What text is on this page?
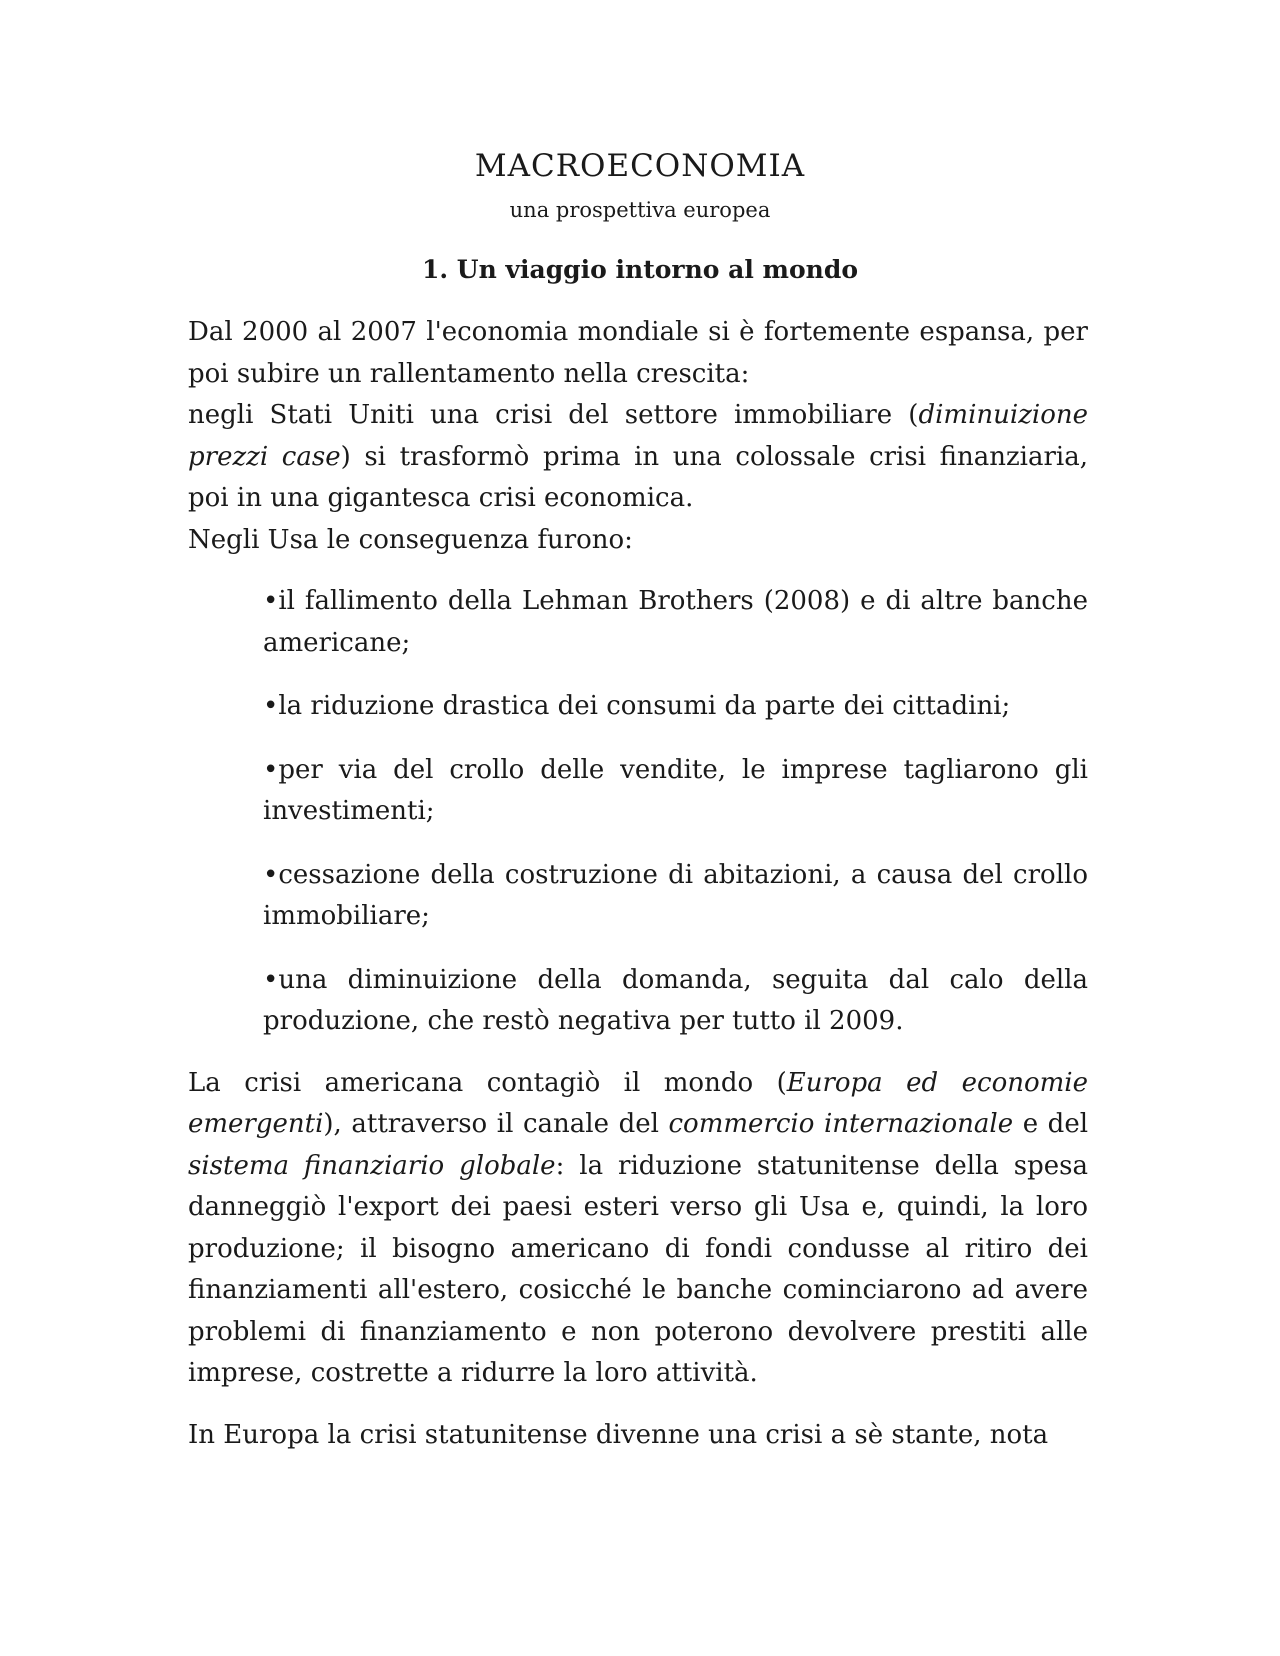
MACROECONOMIA
una prospettiva europea
1. Un viaggio intorno al mondo

Dal 2000 al 2007 l'economia mondiale si è fortemente espansa, per poi subire un rallentamento nella crescita:

negli Stati Uniti una crisi del settore immobiliare (diminuizione prezzi case) si trasformò prima in una colossale crisi finanziaria, poi in una gigantesca crisi economica.

Negli Usa le conseguenza furono:

•il fallimento della Lehman Brothers (2008) e di altre banche americane;
•la riduzione drastica dei consumi da parte dei cittadini;
•per via del crollo delle vendite, le imprese tagliarono gli investimenti;
•cessazione della costruzione di abitazioni, a causa del crollo immobiliare;
•una diminuizione della domanda, seguita dal calo della produzione, che restò negativa per tutto il 2009.

La crisi americana contagiò il mondo (Europa ed economie emergenti), attraverso il canale del commercio internazionale e del sistema finanziario globale: la riduzione statunitense della spesa danneggiò l'export dei paesi esteri verso gli Usa e, quindi, la loro produzione; il bisogno americano di fondi condusse al ritiro dei finanziamenti all'estero, cosicché le banche cominciarono ad avere problemi di finanziamento e non poterono devolvere prestiti alle imprese, costrette a ridurre la loro attività.

In Europa la crisi statunitense divenne una crisi a sè stante, nota
